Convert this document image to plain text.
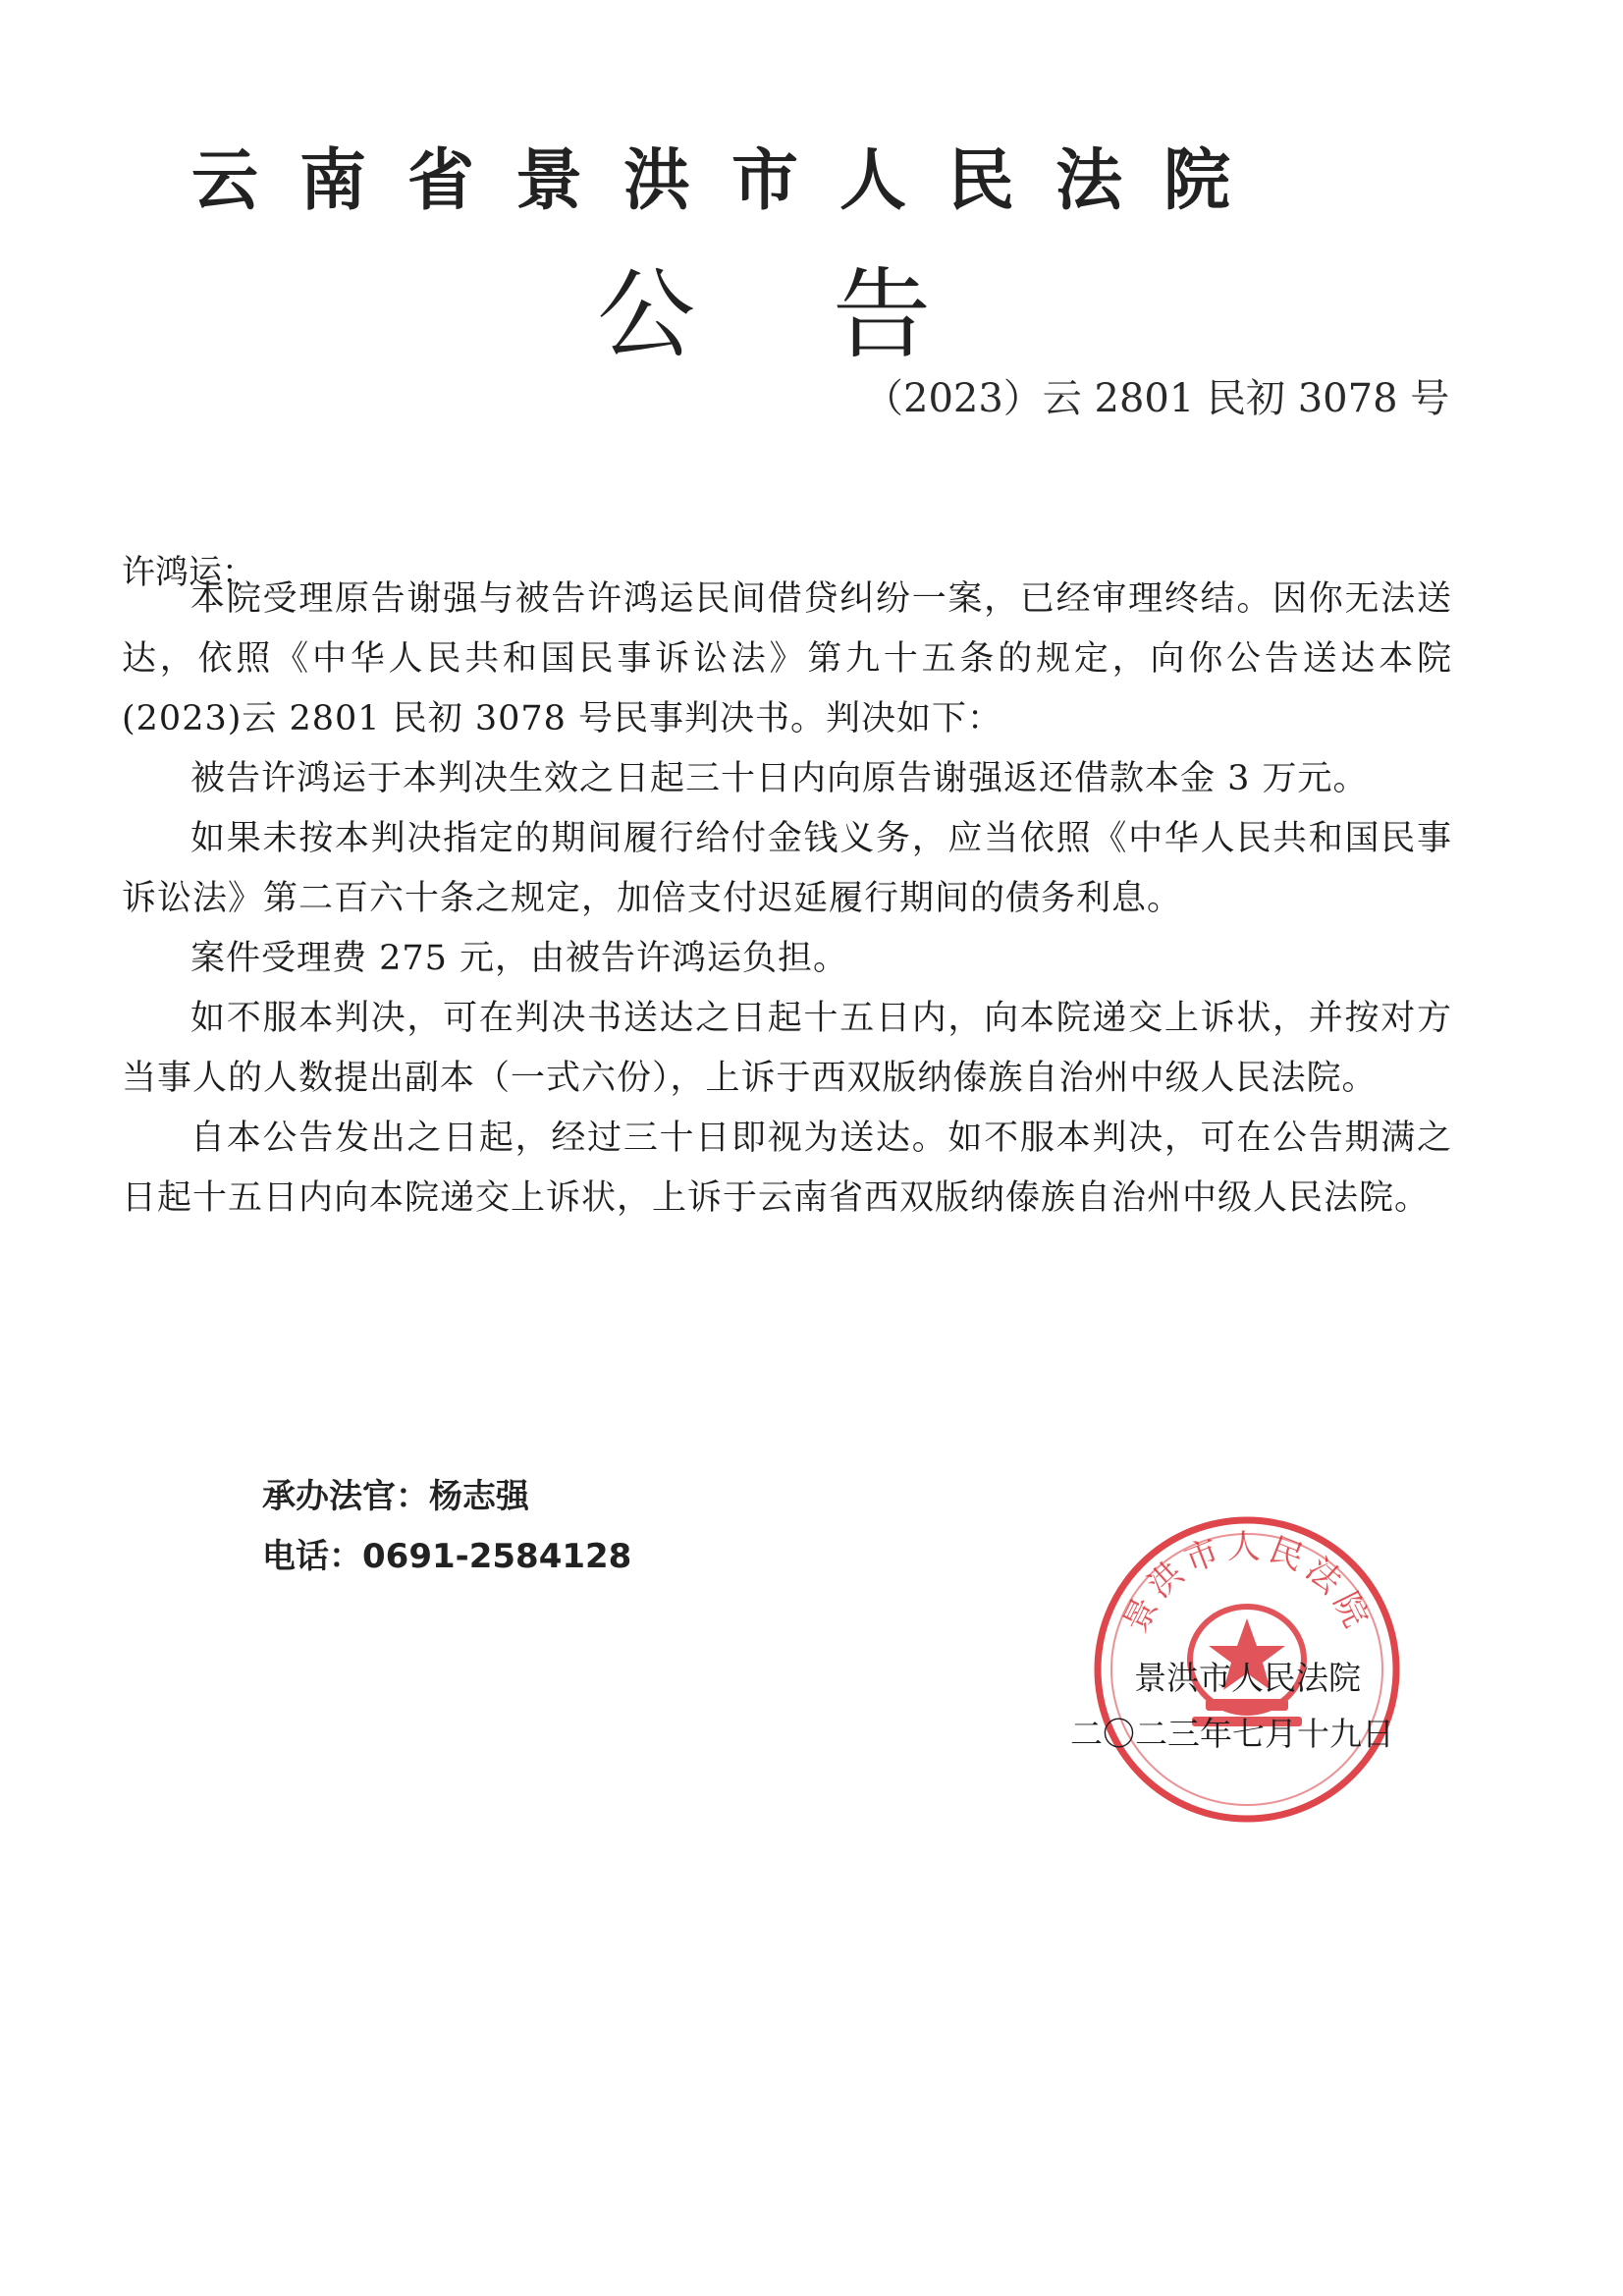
云南省景洪市人民法院
公告
（2023）云 2801 民初 3078 号
许鸿运：

本院受理原告谢强与被告许鸿运民间借贷纠纷一案，已经审理终结。因你无法送达，依照《中华人民共和国民事诉讼法》第九十五条的规定，向你公告送达本院(2023)云 2801 民初 3078 号民事判决书。判决如下：

被告许鸿运于本判决生效之日起三十日内向原告谢强返还借款本金 3 万元。

如果未按本判决指定的期间履行给付金钱义务，应当依照《中华人民共和国民事诉讼法》第二百六十条之规定，加倍支付迟延履行期间的债务利息。

案件受理费 275 元，由被告许鸿运负担。

如不服本判决，可在判决书送达之日起十五日内，向本院递交上诉状，并按对方当事人的人数提出副本（一式六份），上诉于西双版纳傣族自治州中级人民法院。

自本公告发出之日起，经过三十日即视为送达。如不服本判决，可在公告期满之日起十五日内向本院递交上诉状，上诉于云南省西双版纳傣族自治州中级人民法院。

承办法官：杨志强
电话：0691-2584128
景洪市人民法院
景洪市人民法院
二〇二三年七月十九日
